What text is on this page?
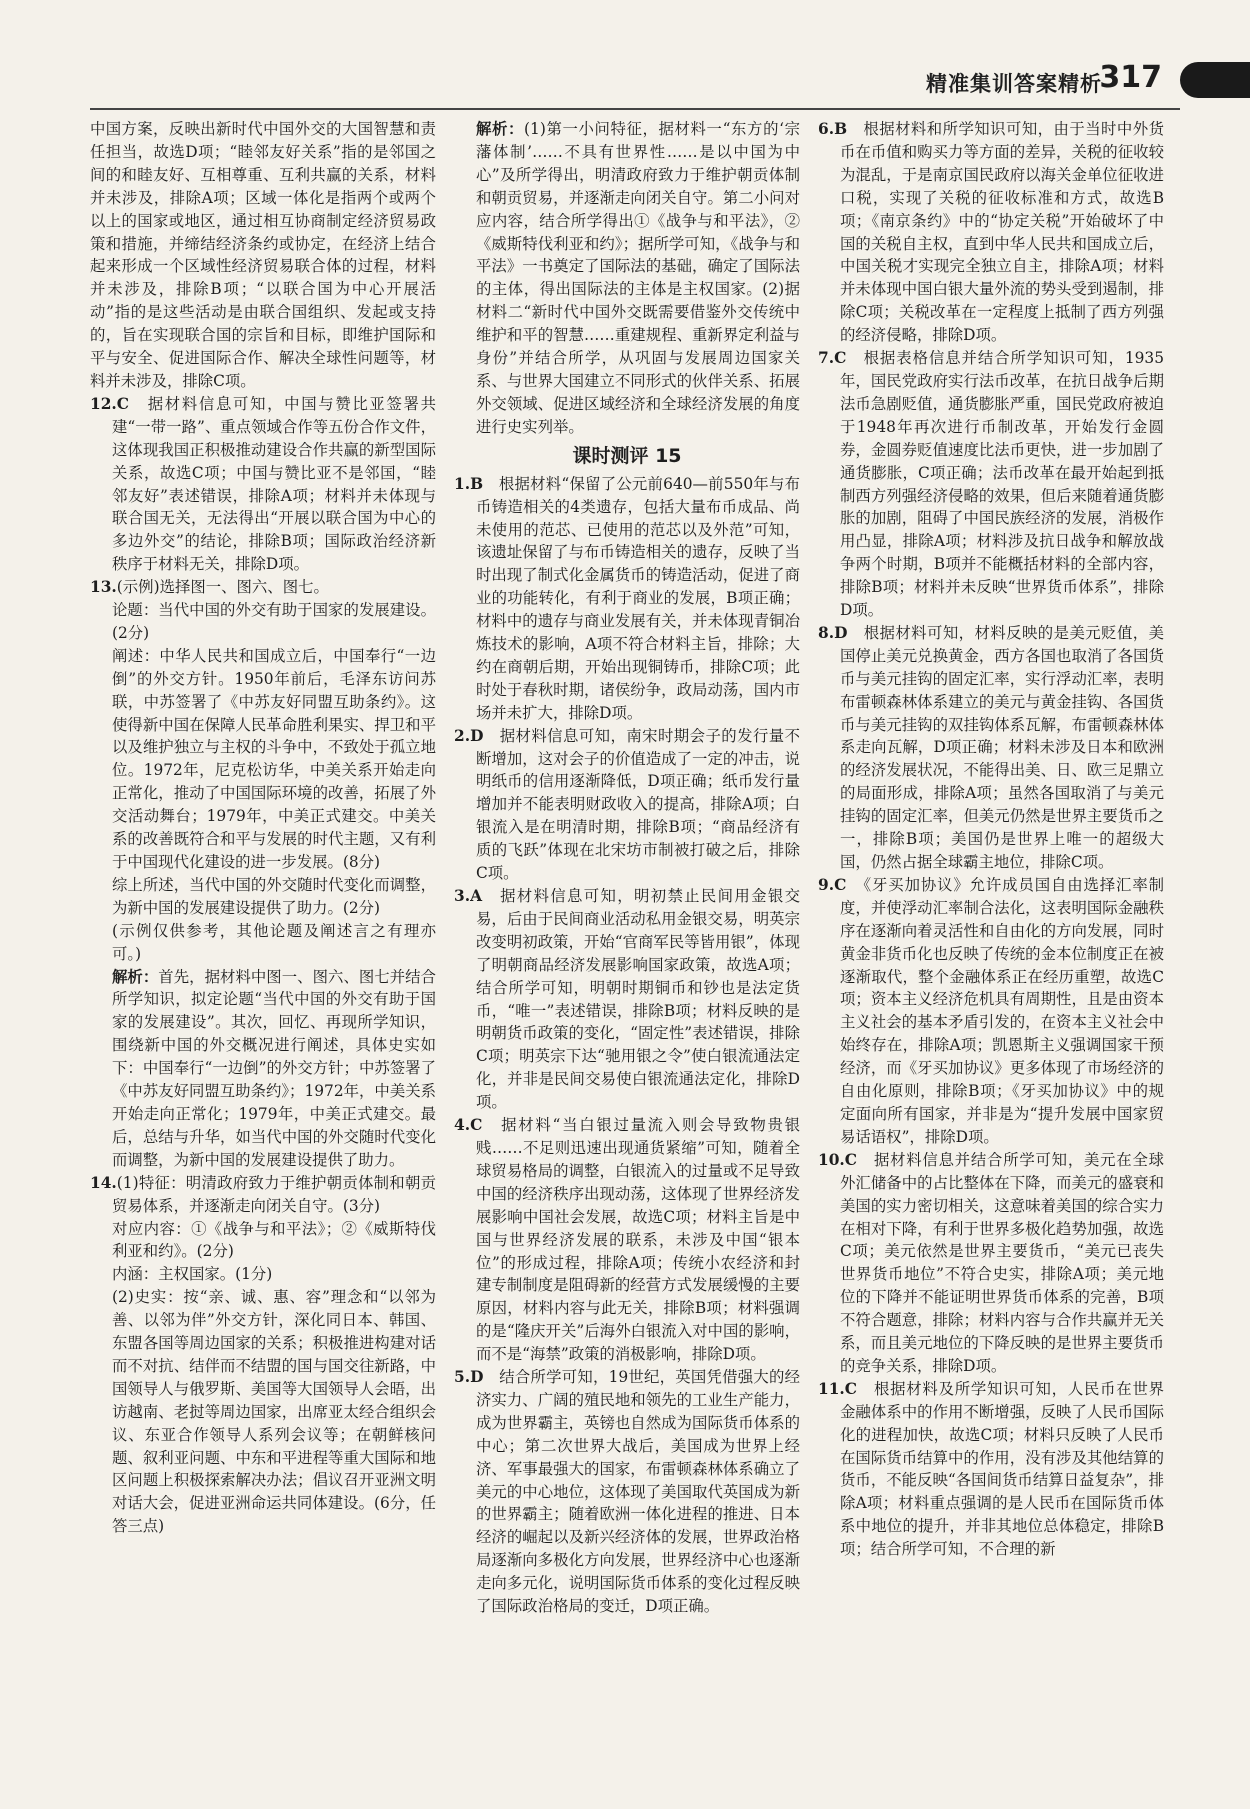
精准集训答案精析
317

中国方案，反映出新时代中国外交的大国智慧和责任担当，故选D项；“睦邻友好关系”指的是邻国之间的和睦友好、互相尊重、互利共赢的关系，材料并未涉及，排除A项；区域一体化是指两个或两个以上的国家或地区，通过相互协商制定经济贸易政策和措施，并缔结经济条约或协定，在经济上结合起来形成一个区域性经济贸易联合体的过程，材料并未涉及，排除B项；“以联合国为中心开展活动”指的是这些活动是由联合国组织、发起或支持的，旨在实现联合国的宗旨和目标，即维护国际和平与安全、促进国际合作、解决全球性问题等，材料并未涉及，排除C项。

12.C　据材料信息可知，中国与赞比亚签署共建“一带一路”、重点领域合作等五份合作文件，这体现我国正积极推动建设合作共赢的新型国际关系，故选C项；中国与赞比亚不是邻国，“睦邻友好”表述错误，排除A项；材料并未体现与联合国无关，无法得出“开展以联合国为中心的多边外交”的结论，排除B项；国际政治经济新秩序于材料无关，排除D项。

13.(示例)选择图一、图六、图七。

论题：当代中国的外交有助于国家的发展建设。(2分)

阐述：中华人民共和国成立后，中国奉行“一边倒”的外交方针。1950年前后，毛泽东访问苏联，中苏签署了《中苏友好同盟互助条约》。这使得新中国在保障人民革命胜利果实、捍卫和平以及维护独立与主权的斗争中，不致处于孤立地位。1972年，尼克松访华，中美关系开始走向正常化，推动了中国国际环境的改善，拓展了外交活动舞台；1979年，中美正式建交。中美关系的改善既符合和平与发展的时代主题，又有利于中国现代化建设的进一步发展。(8分)

综上所述，当代中国的外交随时代变化而调整，为新中国的发展建设提供了助力。(2分)

(示例仅供参考，其他论题及阐述言之有理亦可。)

解析：首先，据材料中图一、图六、图七并结合所学知识，拟定论题“当代中国的外交有助于国家的发展建设”。其次，回忆、再现所学知识，围绕新中国的外交概况进行阐述，具体史实如下：中国奉行“一边倒”的外交方针；中苏签署了《中苏友好同盟互助条约》；1972年，中美关系开始走向正常化；1979年，中美正式建交。最后，总结与升华，如当代中国的外交随时代变化而调整，为新中国的发展建设提供了助力。

14.(1)特征：明清政府致力于维护朝贡体制和朝贡贸易体系，并逐渐走向闭关自守。(3分)

对应内容：①《战争与和平法》；②《威斯特伐利亚和约》。(2分)

内涵：主权国家。(1分)

(2)史实：按“亲、诚、惠、容”理念和“以邻为善、以邻为伴”外交方针，深化同日本、韩国、东盟各国等周边国家的关系；积极推进构建对话而不对抗、结伴而不结盟的国与国交往新路，中国领导人与俄罗斯、美国等大国领导人会晤，出访越南、老挝等周边国家，出席亚太经合组织会议、东亚合作领导人系列会议等；在朝鲜核问题、叙利亚问题、中东和平进程等重大国际和地区问题上积极探索解决办法；倡议召开亚洲文明对话大会，促进亚洲命运共同体建设。(6分，任答三点)

解析：(1)第一小问特征，据材料一“东方的‘宗藩体制’……不具有世界性……是以中国为中心”及所学得出，明清政府致力于维护朝贡体制和朝贡贸易，并逐渐走向闭关自守。第二小问对应内容，结合所学得出①《战争与和平法》，②《威斯特伐利亚和约》；据所学可知，《战争与和平法》一书奠定了国际法的基础，确定了国际法的主体，得出国际法的主体是主权国家。(2)据材料二“新时代中国外交既需要借鉴外交传统中维护和平的智慧……重建规程、重新界定利益与身份”并结合所学，从巩固与发展周边国家关系、与世界大国建立不同形式的伙伴关系、拓展外交领域、促进区域经济和全球经济发展的角度进行史实列举。

课时测评 15

1.B　根据材料“保留了公元前640—前550年与布币铸造相关的4类遗存，包括大量布币成品、尚未使用的范芯、已使用的范芯以及外范”可知，该遗址保留了与布币铸造相关的遗存，反映了当时出现了制式化金属货币的铸造活动，促进了商业的功能转化，有利于商业的发展，B项正确；材料中的遗存与商业发展有关，并未体现青铜冶炼技术的影响，A项不符合材料主旨，排除；大约在商朝后期，开始出现铜铸币，排除C项；此时处于春秋时期，诸侯纷争，政局动荡，国内市场并未扩大，排除D项。

2.D　据材料信息可知，南宋时期会子的发行量不断增加，这对会子的价值造成了一定的冲击，说明纸币的信用逐渐降低，D项正确；纸币发行量增加并不能表明财政收入的提高，排除A项；白银流入是在明清时期，排除B项；“商品经济有质的飞跃”体现在北宋坊市制被打破之后，排除C项。

3.A　据材料信息可知，明初禁止民间用金银交易，后由于民间商业活动私用金银交易，明英宗改变明初政策，开始“官商军民等皆用银”，体现了明朝商品经济发展影响国家政策，故选A项；结合所学可知，明朝时期铜币和钞也是法定货币，“唯一”表述错误，排除B项；材料反映的是明朝货币政策的变化，“固定性”表述错误，排除C项；明英宗下达“驰用银之令”使白银流通法定化，并非是民间交易使白银流通法定化，排除D项。

4.C　据材料“当白银过量流入则会导致物贵银贱……不足则迅速出现通货紧缩”可知，随着全球贸易格局的调整，白银流入的过量或不足导致中国的经济秩序出现动荡，这体现了世界经济发展影响中国社会发展，故选C项；材料主旨是中国与世界经济发展的联系，未涉及中国“银本位”的形成过程，排除A项；传统小农经济和封建专制制度是阻碍新的经营方式发展缓慢的主要原因，材料内容与此无关，排除B项；材料强调的是“隆庆开关”后海外白银流入对中国的影响，而不是“海禁”政策的消极影响，排除D项。

5.D　结合所学可知，19世纪，英国凭借强大的经济实力、广阔的殖民地和领先的工业生产能力，成为世界霸主，英镑也自然成为国际货币体系的中心；第二次世界大战后，美国成为世界上经济、军事最强大的国家，布雷顿森林体系确立了美元的中心地位，这体现了美国取代英国成为新的世界霸主；随着欧洲一体化进程的推进、日本经济的崛起以及新兴经济体的发展，世界政治格局逐渐向多极化方向发展，世界经济中心也逐渐走向多元化，说明国际货币体系的变化过程反映了国际政治格局的变迁，D项正确。

6.B　根据材料和所学知识可知，由于当时中外货币在币值和购买力等方面的差异，关税的征收较为混乱，于是南京国民政府以海关金单位征收进口税，实现了关税的征收标准和方式，故选B项；《南京条约》中的“协定关税”开始破坏了中国的关税自主权，直到中华人民共和国成立后，中国关税才实现完全独立自主，排除A项；材料并未体现中国白银大量外流的势头受到遏制，排除C项；关税改革在一定程度上抵制了西方列强的经济侵略，排除D项。

7.C　根据表格信息并结合所学知识可知，1935年，国民党政府实行法币改革，在抗日战争后期法币急剧贬值，通货膨胀严重，国民党政府被迫于1948年再次进行币制改革，开始发行金圆券，金圆券贬值速度比法币更快，进一步加剧了通货膨胀，C项正确；法币改革在最开始起到抵制西方列强经济侵略的效果，但后来随着通货膨胀的加剧，阻碍了中国民族经济的发展，消极作用凸显，排除A项；材料涉及抗日战争和解放战争两个时期，B项并不能概括材料的全部内容，排除B项；材料并未反映“世界货币体系”，排除D项。

8.D　根据材料可知，材料反映的是美元贬值，美国停止美元兑换黄金，西方各国也取消了各国货币与美元挂钩的固定汇率，实行浮动汇率，表明布雷顿森林体系建立的美元与黄金挂钩、各国货币与美元挂钩的双挂钩体系瓦解，布雷顿森林体系走向瓦解，D项正确；材料未涉及日本和欧洲的经济发展状况，不能得出美、日、欧三足鼎立的局面形成，排除A项；虽然各国取消了与美元挂钩的固定汇率，但美元仍然是世界主要货币之一，排除B项；美国仍是世界上唯一的超级大国，仍然占据全球霸主地位，排除C项。

9.C　《牙买加协议》允许成员国自由选择汇率制度，并使浮动汇率制合法化，这表明国际金融秩序在逐渐向着灵活性和自由化的方向发展，同时黄金非货币化也反映了传统的金本位制度正在被逐渐取代，整个金融体系正在经历重塑，故选C项；资本主义经济危机具有周期性，且是由资本主义社会的基本矛盾引发的，在资本主义社会中始终存在，排除A项；凯恩斯主义强调国家干预经济，而《牙买加协议》更多体现了市场经济的自由化原则，排除B项；《牙买加协议》中的规定面向所有国家，并非是为“提升发展中国家贸易话语权”，排除D项。

10.C　据材料信息并结合所学可知，美元在全球外汇储备中的占比整体在下降，而美元的盛衰和美国的实力密切相关，这意味着美国的综合实力在相对下降，有利于世界多极化趋势加强，故选C项；美元依然是世界主要货币，“美元已丧失世界货币地位”不符合史实，排除A项；美元地位的下降并不能证明世界货币体系的完善，B项不符合题意，排除；材料内容与合作共赢并无关系，而且美元地位的下降反映的是世界主要货币的竞争关系，排除D项。

11.C　根据材料及所学知识可知，人民币在世界金融体系中的作用不断增强，反映了人民币国际化的进程加快，故选C项；材料只反映了人民币在国际货币结算中的作用，没有涉及其他结算的货币，不能反映“各国间货币结算日益复杂”，排除A项；材料重点强调的是人民币在国际货币体系中地位的提升，并非其地位总体稳定，排除B项；结合所学可知，不合理的新
